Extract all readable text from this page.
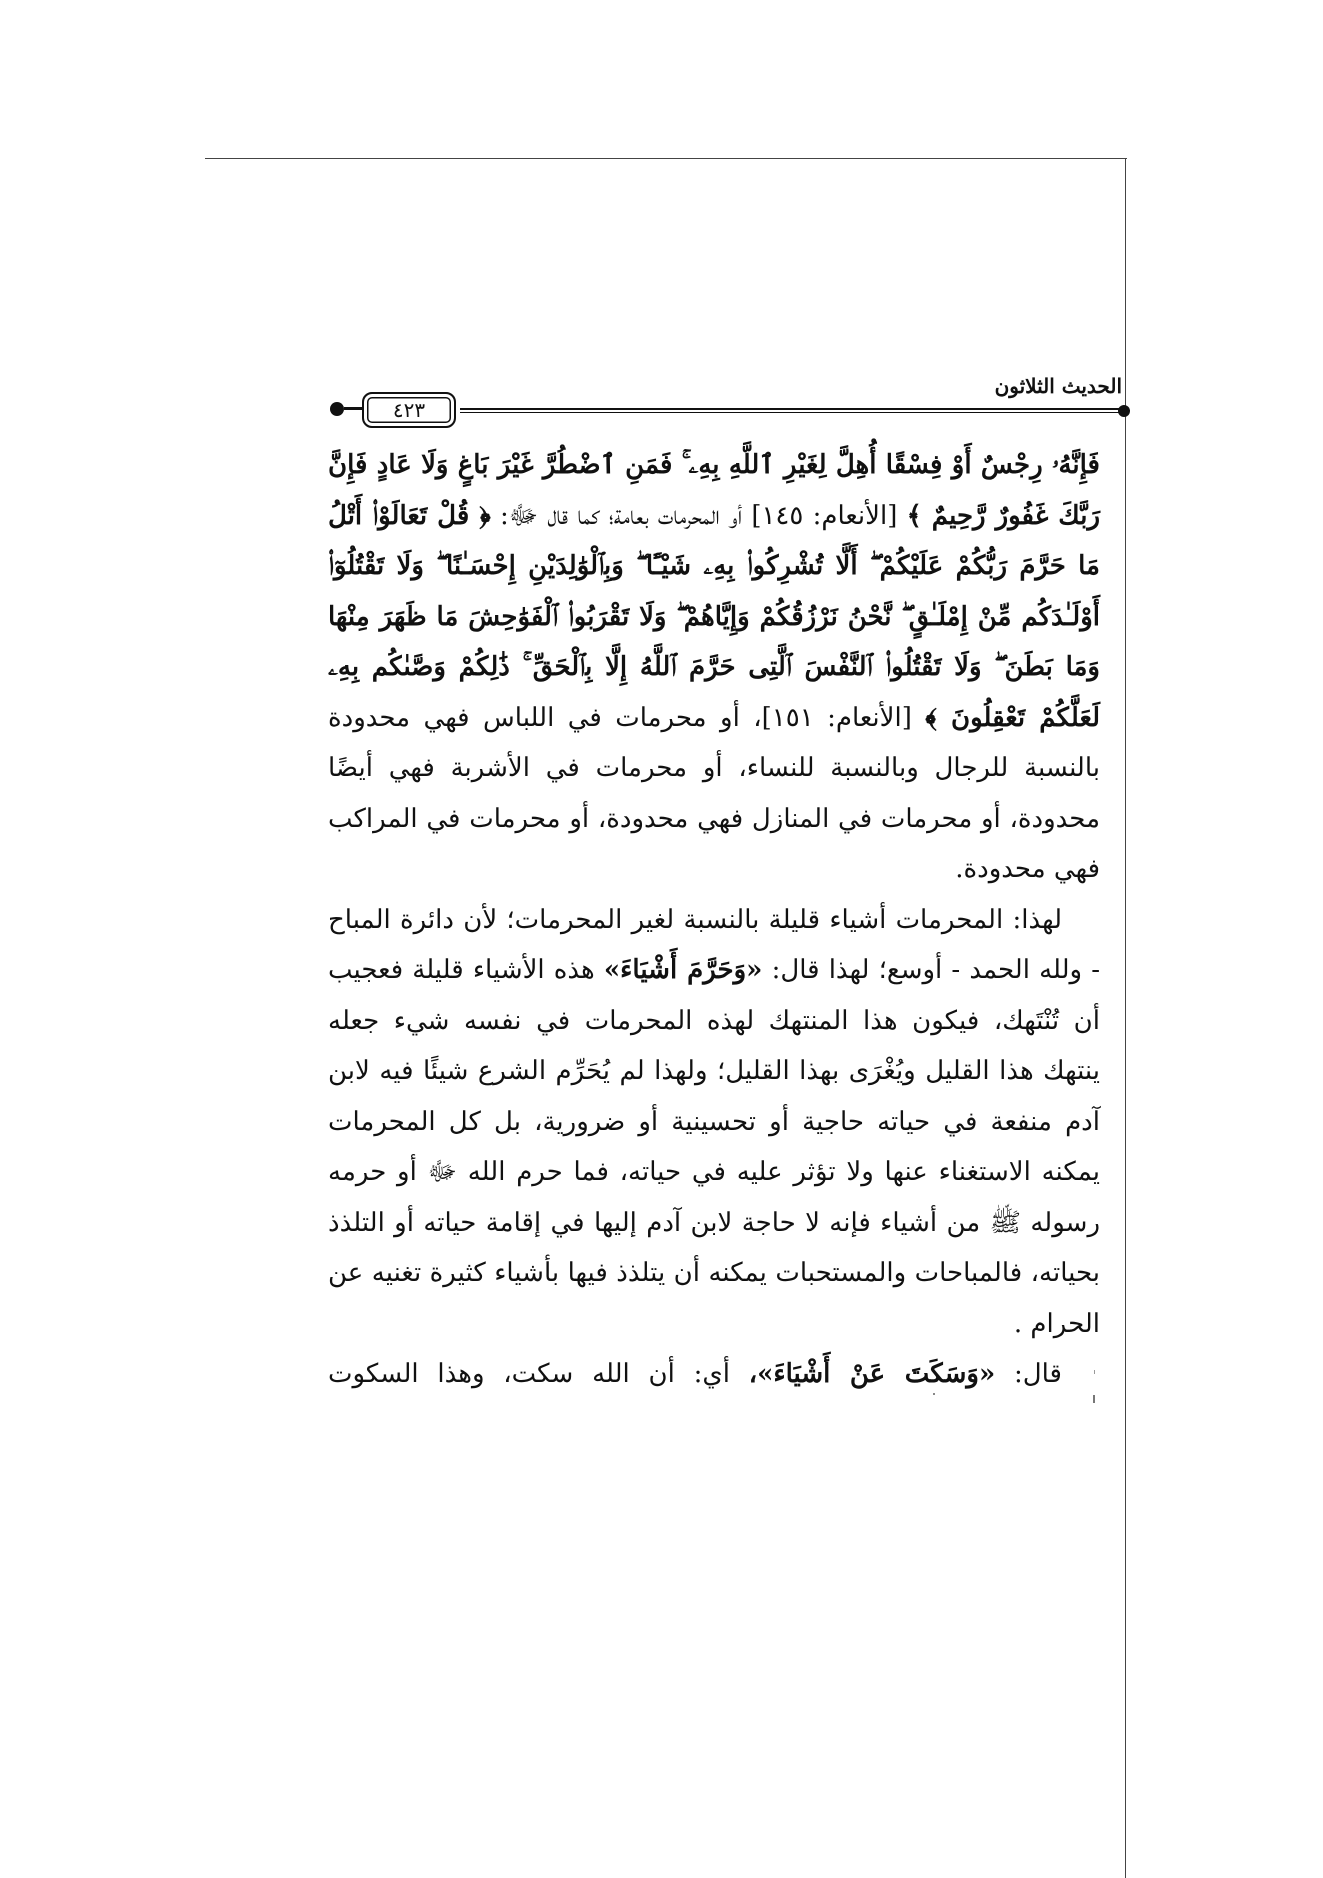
الحديث الثلاثون
٤٢٣

فَإِنَّهُۥ رِجْسٌ أَوْ فِسْقًا أُهِلَّ لِغَيْرِ ٱللَّهِ بِهِۦ ۚ فَمَنِ ٱضْطُرَّ غَيْرَ بَاغٍ وَلَا عَادٍ فَإِنَّ رَبَّكَ غَفُورٌ رَّحِيمٌ ﴾ [الأنعام: ١٤٥] أو المحرمات بعامة؛ كما قال ﷻ: ﴿ قُلْ تَعَالَوْا۟ أَتْلُ مَا حَرَّمَ رَبُّكُمْ عَلَيْكُمْ ۖ أَلَّا تُشْرِكُوا۟ بِهِۦ شَيْـًٔا ۖ وَبِٱلْوَٰلِدَيْنِ إِحْسَـٰنًا ۖ وَلَا تَقْتُلُوٓا۟ أَوْلَـٰدَكُم مِّنْ إِمْلَـٰقٍ ۖ نَّحْنُ نَرْزُقُكُمْ وَإِيَّاهُمْ ۖ وَلَا تَقْرَبُوا۟ ٱلْفَوَٰحِشَ مَا ظَهَرَ مِنْهَا وَمَا بَطَنَ ۖ وَلَا تَقْتُلُوا۟ ٱلنَّفْسَ ٱلَّتِى حَرَّمَ ٱللَّهُ إِلَّا بِٱلْحَقِّ ۚ ذَٰلِكُمْ وَصَّىٰكُم بِهِۦ لَعَلَّكُمْ تَعْقِلُونَ ﴾ [الأنعام: ١٥١]، أو محرمات في اللباس فهي محدودة بالنسبة للرجال وبالنسبة للنساء، أو محرمات في الأشربة فهي أيضًا محدودة، أو محرمات في المنازل فهي محدودة، أو محرمات في المراكب فهي محدودة.

لهذا: المحرمات أشياء قليلة بالنسبة لغير المحرمات؛ لأن دائرة المباح - ولله الحمد - أوسع؛ لهذا قال: «وَحَرَّمَ أَشْيَاءَ» هذه الأشياء قليلة فعجيب أن تُنْتَهك، فيكون هذا المنتهك لهذه المحرمات في نفسه شيء جعله ينتهك هذا القليل ويُغْرَى بهذا القليل؛ ولهذا لم يُحَرِّم الشرع شيئًا فيه لابن آدم منفعة في حياته حاجية أو تحسينية أو ضرورية، بل كل المحرمات يمكنه الاستغناء عنها ولا تؤثر عليه في حياته، فما حرم الله ﷻ أو حرمه رسوله ﷺ من أشياء فإنه لا حاجة لابن آدم إليها في إقامة حياته أو التلذذ بحياته، فالمباحات والمستحبات يمكنه أن يتلذذ فيها بأشياء كثيرة تغنيه عن الحرام .

قال: «وَسَكَتَ عَنْ أَشْيَاءَ»، أي: أن الله سكت، وهذا السكوت
